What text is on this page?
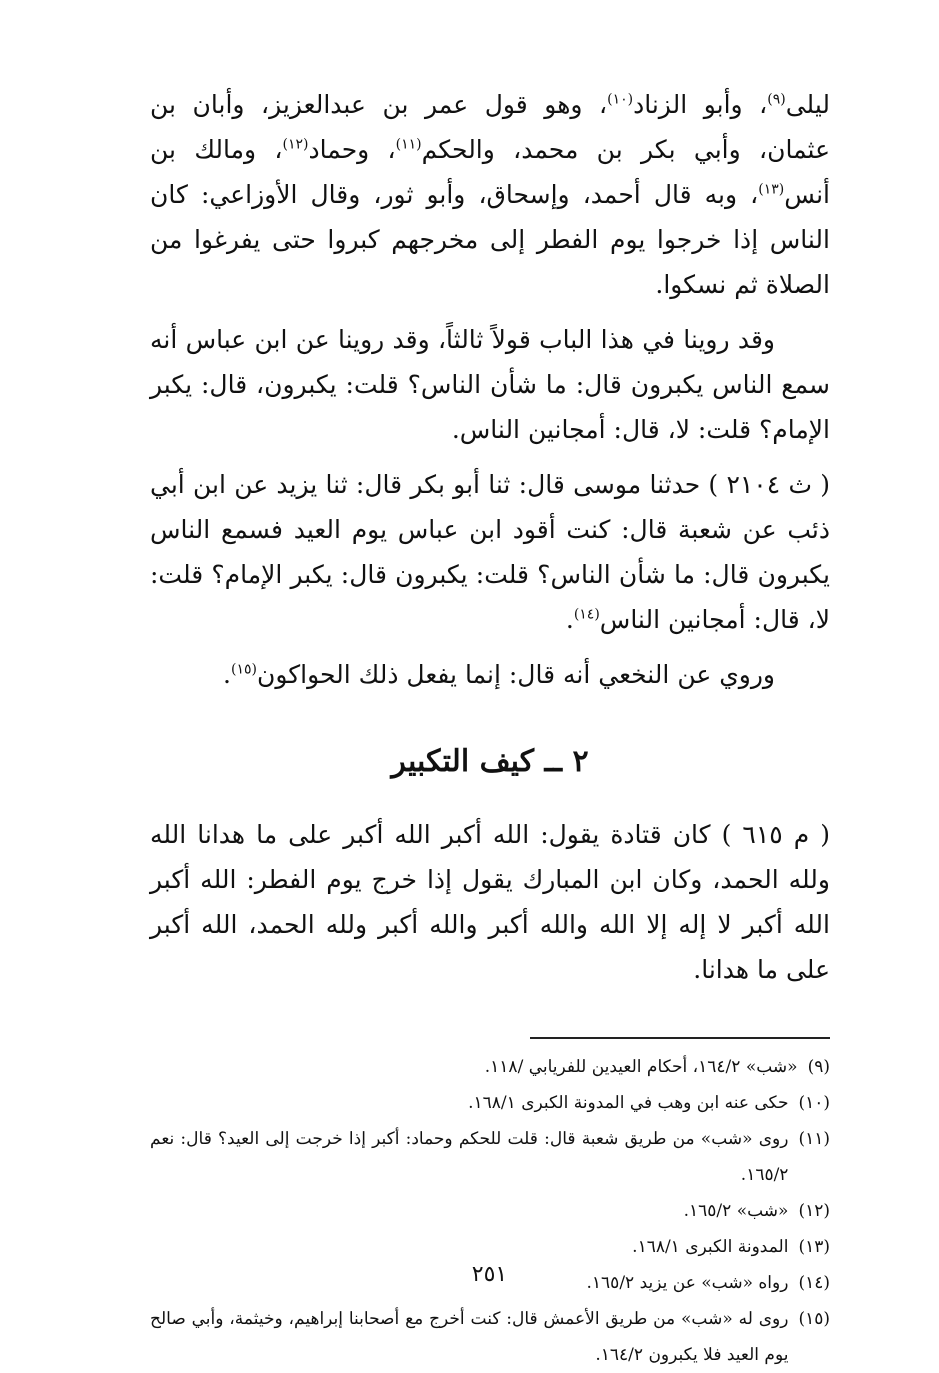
ليلى$^{(٩)}$، وأبو الزناد$^{(١٠)}$، وهو قول عمر بن عبدالعزيز، وأبان بن عثمان، وأبي بكر بن محمد، والحكم$^{(١١)}$، وحماد$^{(١٢)}$، ومالك بن أنس$^{(١٣)}$، وبه قال أحمد، وإسحاق، وأبو ثور، وقال الأوزاعي: كان الناس إذا خرجوا يوم الفطر إلى مخرجهم كبروا حتى يفرغوا من الصلاة ثم نسكوا.

وقد روينا في هذا الباب قولاً ثالثاً، وقد روينا عن ابن عباس أنه سمع الناس يكبرون قال: ما شأن الناس؟ قلت: يكبرون، قال: يكبر الإمام؟ قلت: لا، قال: أمجانين الناس.

( ث ٢١٠٤ ) حدثنا موسى قال: ثنا أبو بكر قال: ثنا يزيد عن ابن أبي ذئب عن شعبة قال: كنت أقود ابن عباس يوم العيد فسمع الناس يكبرون قال: ما شأن الناس؟ قلت: يكبرون قال: يكبر الإمام؟ قلت: لا، قال: أمجانين الناس$^{(١٤)}$.

وروي عن النخعي أنه قال: إنما يفعل ذلك الحواكون$^{(١٥)}$.

٢ ــ كيف التكبير

( م ٦١٥ ) كان قتادة يقول: الله أكبر الله أكبر على ما هدانا الله ولله الحمد، وكان ابن المبارك يقول إذا خرج يوم الفطر: الله أكبر الله أكبر لا إله إلا الله والله أكبر والله أكبر ولله الحمد، الله أكبر على ما هدانا.

(٩)
«شب» ١٦٤/٢، أحكام العيدين للفريابي /١١٨.
(١٠)
حكى عنه ابن وهب في المدونة الكبرى ١٦٨/١.
(١١)
روى «شب» من طريق شعبة قال: قلت للحكم وحماد: أكبر إذا خرجت إلى العيد؟ قال: نعم ١٦٥/٢.
(١٢)
«شب» ١٦٥/٢.
(١٣)
المدونة الكبرى ١٦٨/١.
(١٤)
رواه «شب» عن يزيد ١٦٥/٢.
(١٥)
روى له «شب» من طريق الأعمش قال: كنت أخرج مع أصحابنا إبراهيم، وخيثمة، وأبي صالح يوم العيد فلا يكبرون ١٦٤/٢.
٢٥١
